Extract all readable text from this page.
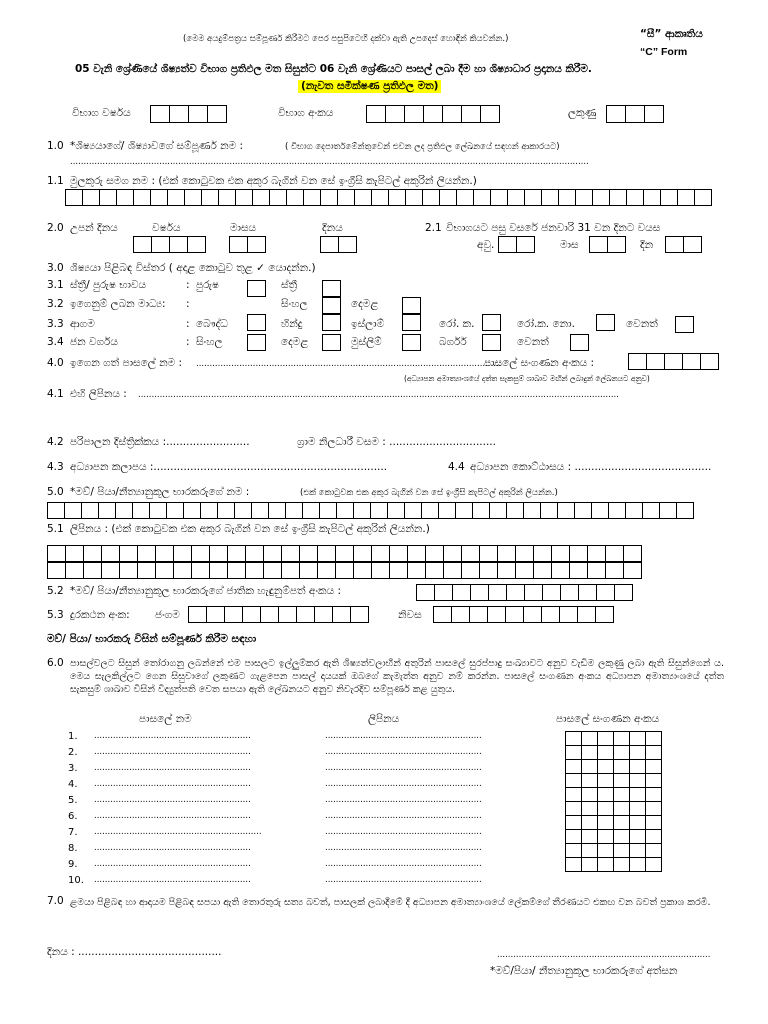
(මෙම අයදුම්පත්‍රය සම්පූර්ණ කිරීමට පෙර පසුපිටෙහි දක්වා ඇති උපදෙස් හොඳින් කියවන්න.)	“සී” ආකෘතිය
“C” Form
05 වැනි ශ්‍රේණියේ ශිෂ්‍යත්ව විභාග ප්‍රතිඵල මත සිසුන්ට 06 වැනි ශ්‍රේණියට පාසල් ලබා දීම හා ශිෂ්‍යාධාර ප්‍රදානය කිරීම.
(නැවත සමීක්ෂණ ප්‍රතිඵල මත)
විභාග වර්ෂය	විභාග අංකය	ලකුණු
1.0 *ශිෂ්‍යයාගේ/ ශිෂ්‍යාවගේ සම්පූර්ණ නම :	( විභාග දෙපාර්තමේන්තුවෙන් එවන ලද ප්‍රතිඵල ලේඛනයේ සඳහන් ආකාරයට)
................................................................................................................................................................................................
1.1 මුලකුරු සමග නම : (එක් කොටුවක එක අකුර බැගින් වන සේ ඉංග්‍රීසි කැපිටල් අකුරින් ලියන්න.)
2.0 උපන් දිනය	වර්ෂය	මාසය	දිනය	2.1 විභාගයට පසු වසරේ ජනවාරි 31 වන දිනට වයස
අවු.	මාස	දින
3.0 ශිෂ්‍යයා පිළිබඳ විස්තර ( අදාළ කොටුව තුළ ✓ යොදන්න.)
3.1 ස්ත්‍රී/ පුරුෂ භාවය	: පුරුෂ	ස්ත්‍රී
3.2 ඉගෙනුම් ලබන මාධ්‍ය: :	සිංහල	දෙමළ
3.3 ආගම	: බෞද්ධ	හින්දු	ඉස්ලාම්	රෝ. ක.	රෝ.ක. නො.	වෙනත්
3.4 ජන වර්ගය	: සිංහල	දෙමළ	මුස්ලිම්	බර්ගර්	වෙනත්
4.0 ඉගෙන ගත් පාසලේ නම : .................................................................................................................
පාසලේ සංගණන අංකය :
(අධ්‍යාපන අමාත්‍යාංශයේ දත්ත සැකසුම් ශාඛාව මඟින් ලබාදුන් ලේඛනයට අනුව)
4.1 එහි ලිපිනය : ..................................................................................................................................................................................
4.2 පරිපාලන දිස්ත්‍රික්කය :.........................	ග්‍රාම නිලධාරී වසම : ................................
4.3 අධ්‍යාපන කලාපය :......................................................................	4.4 අධ්‍යාපන කොට්ඨාසය : .........................................
5.0 *මව්/ පියා/නීත්‍යානුකූල භාරකරුගේ නම :	(එක් කොටුවක එක අකුර බැගින් වන සේ ඉංග්‍රීසි කැපිටල් අකුරින් ලියන්න.)
5.1 ලිපිනය : (එක් කොටුවක එක අකුර බැගින් වන සේ ඉංග්‍රීසි කැපිටල් අකුරින් ලියන්න.)
5.2 *මව්/ පියා/නීත්‍යානුකූල භාරකරුගේ ජාතික හැඳුනුම්පත් අංකය :
5.3 දුරකථන අංක: ජංගම	නිවස
මව්/ පියා/ භාරකරු විසින් සම්පූර්ණ කිරීම සඳහා
6.0 පාසල්වලට සිසුන් තෝරාගනු ලබන්නේ එම පාසලට ඉල්ලුම්කර ඇති ශිෂ්‍යත්වලාභීන් අතුරින් පාසලේ සුරප්පාදු සංඛ්‍යාවට අනුව වැඩිම ලකුණු ලබා ඇති සිසුන්ගෙන් ය. මෙය සැලකිල්ලට ගෙන සිසුවාගේ ලකුණට ගැළපෙන පාසල් දායයක් ඔබගේ කැමැත්ත අනුව නම් කරන්න. පාසලේ සංගණන අංකය අධ්‍යාපන අමාත්‍යාංශයේ දත්ත සැකසුම් ශාඛාව විසින් විද්‍යුත්පති වෙත සපයා ඇති ලේඛනයට අනුව නිවැරදිව සම්පූර්ණ කළ යුතුය.
පාසලේ නම	ලිපිනය	පාසලේ සංගණන අංකය
1. ..........................................................	..........................................................
2. ..........................................................	..........................................................
3. ..........................................................	..........................................................
4. ..........................................................	..........................................................
5. ..........................................................	..........................................................
6. ..........................................................	..........................................................
7. ..............................................................	..........................................................
8. ..........................................................	..........................................................
9. ..........................................................	..........................................................
10. ..........................................................	..........................................................

7.0 ළමයා පිළිබඳ හා ආදායම පිළිබඳ සපයා ඇති තොරතුරු සත්‍ය බවත්, පාසලක් ලබාදීමේ දී අධ්‍යාපන අමාත්‍යාංශයේ ලේකම්ගේ තීරණයට එකඟ වන බවත් ප්‍රකාශ කරමි.
දිනය : ...........................................	...............................................................................
*මව්/පියා/ නීත්‍යානුකූල භාරකරුගේ අත්සන
